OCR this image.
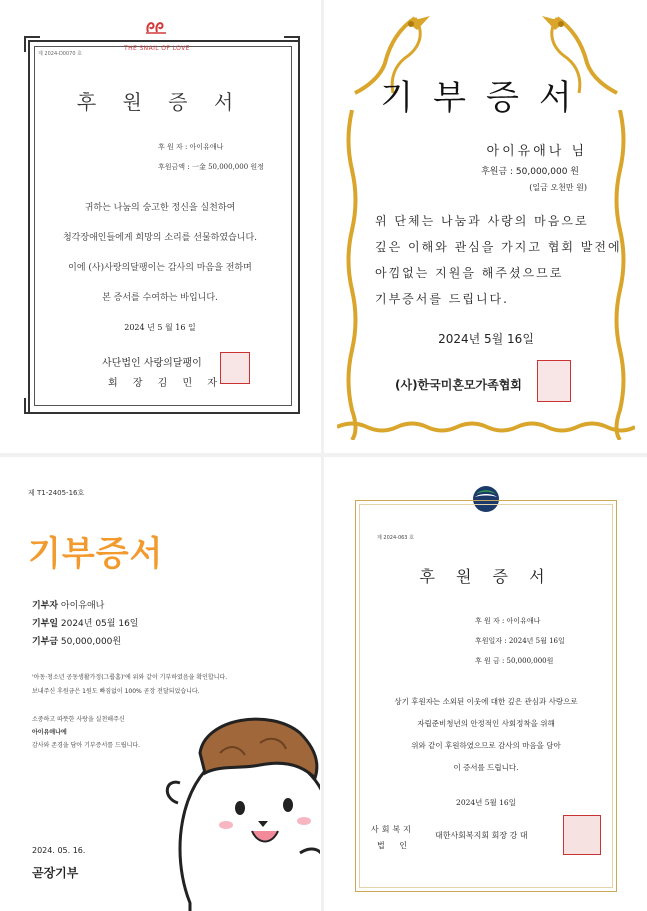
THE SNAIL OF LOVE
제 2024-D0070 호
후 원 증 서
후 원 자 : 아이유애나
후원금액 : 一金 50,000,000 원정
귀하는 나눔의 숭고한 정신을 실천하여
청각장애인들에게 희망의 소리를 선물하였습니다.
이에 (사)사랑의달팽이는 감사의 마음을 전하며
본 증서를 수여하는 바입니다.
2024 년 5 월 16 일
사단법인 사랑의달팽이
회 장 김 민 자
기부증서
아이유애나 님
후원금 : 50,000,000 원
(일금 오천만 원)
위 단체는 나눔과 사랑의 마음으로
깊은 이해와 관심을 가지고 협회 발전에
아낌없는 지원을 해주셨으므로
기부증서를 드립니다.
2024년 5월 16일
(사)한국미혼모가족협회
제 T1-2405-16호
기부증서
기부자 아이유애나
기부일 2024년 05월 16일
기부금 50,000,000원
'아동·청소년 공동생활가정(그룹홈)'에 위와 같이 기부하였음을 확인합니다.
보내주신 후원금은 1원도 빠짐없이 100% 곧장 전달되었습니다.
소중하고 따뜻한 사랑을 실천해주신
아이유애나에
감사와 존경을 담아 기부증서를 드립니다.
2024. 05. 16.
곧장기부
제 2024-063 호
후 원 증 서
후 원 자 : 아이유애나
후원일자 : 2024년 5월 16일
후 원 금 : 50,000,000원
상기 후원자는 소외된 이웃에 대한 깊은 관심과 사랑으로
자립준비청년의 안정적인 사회정착을 위해
위와 같이 후원하였으므로 감사의 마음을 담아
이 증서를 드립니다.
2024년 5월 16일
사회복지
법 인
대한사회복지회 회장 강 대
